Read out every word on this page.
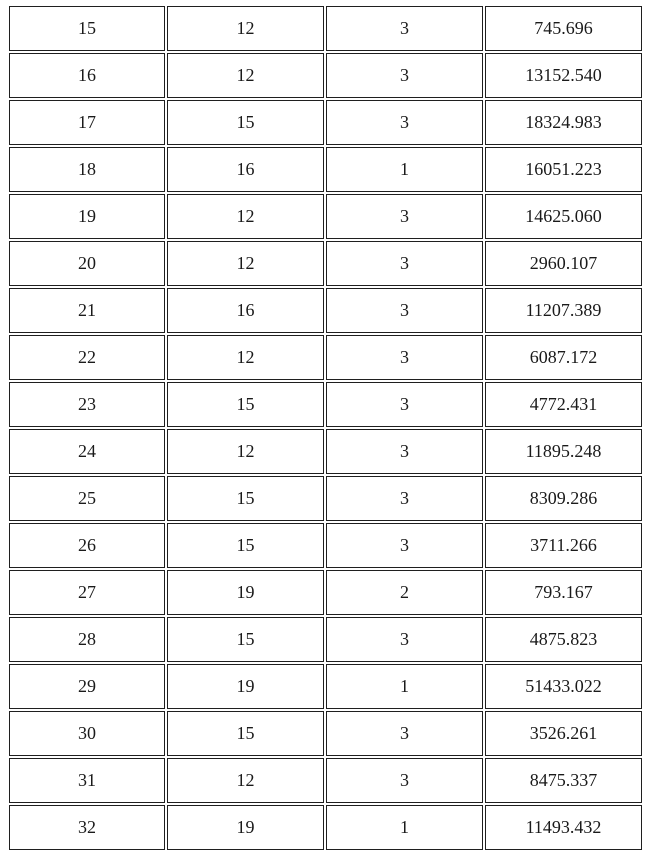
15	12	3	745.696
16	12	3	13152.540
17	15	3	18324.983
18	16	1	16051.223
19	12	3	14625.060
20	12	3	2960.107
21	16	3	11207.389
22	12	3	6087.172
23	15	3	4772.431
24	12	3	11895.248
25	15	3	8309.286
26	15	3	3711.266
27	19	2	793.167
28	15	3	4875.823
29	19	1	51433.022
30	15	3	3526.261
31	12	3	8475.337
32	19	1	11493.432
